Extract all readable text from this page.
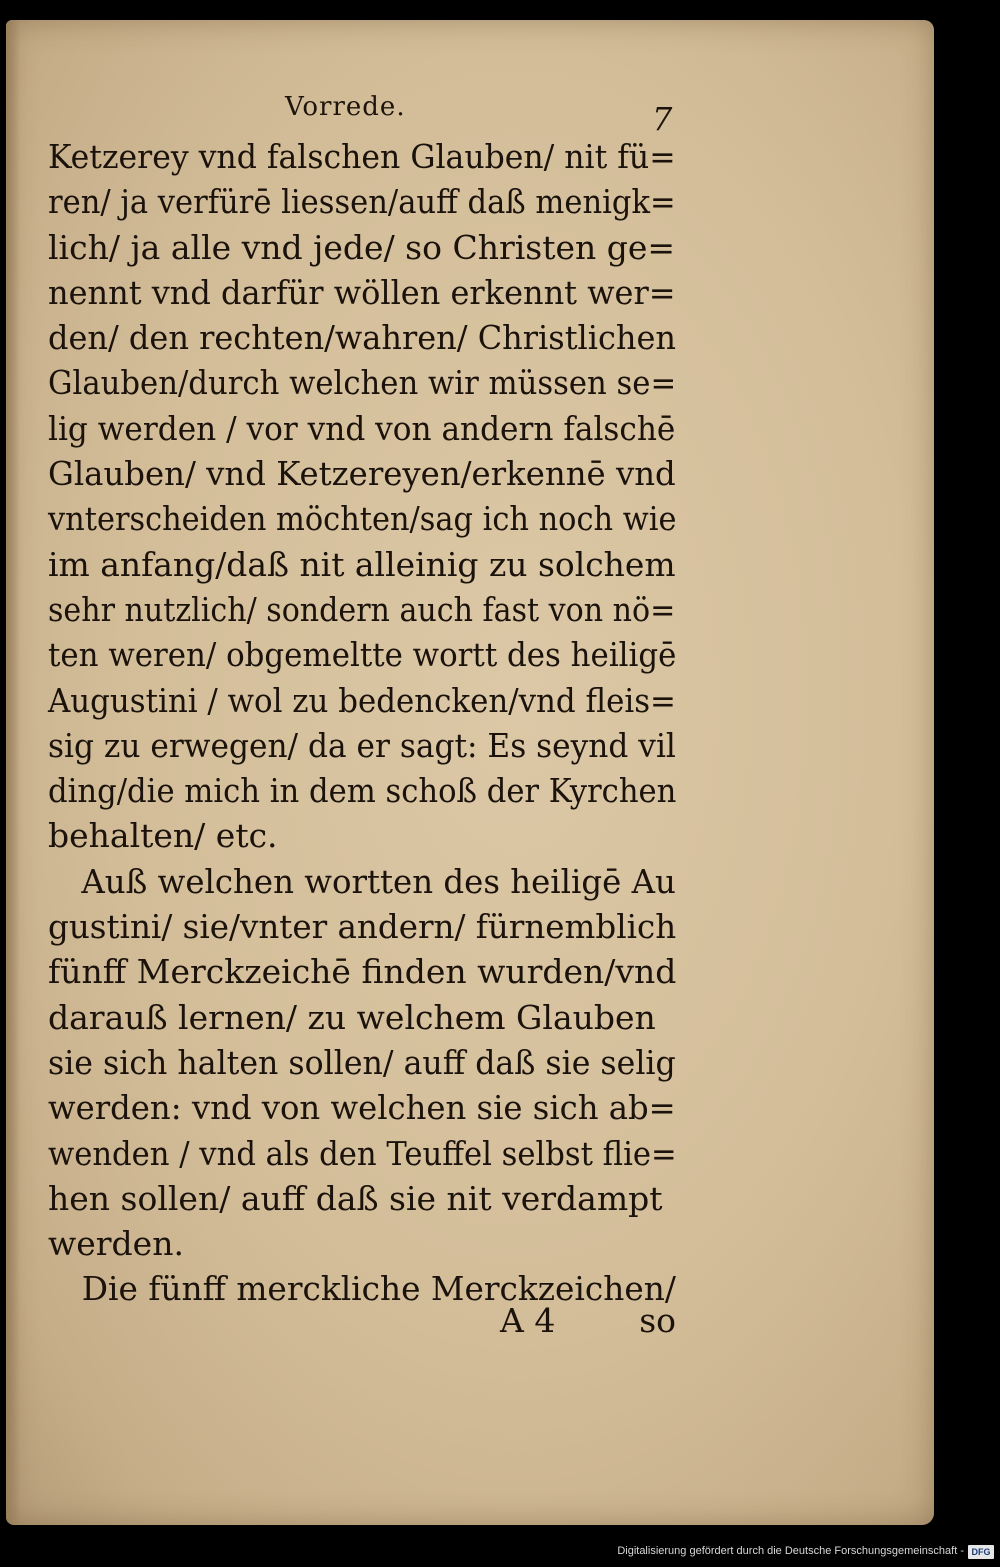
Vorrede.	7
Ketzerey vnd falschen Glauben/ nit fü=
ren/ ja verfürē liessen/auff daß menigk=
lich/ ja alle vnd jede/ so Christen ge=
nennt vnd darfür wöllen erkennt wer=
den/ den rechten/wahren/ Christlichen
Glauben/durch welchen wir müssen se=
lig werden / vor vnd von andern falschē
Glauben/ vnd Ketzereyen/erkennē vnd
vnterscheiden möchten/sag ich noch wie
im anfang/daß nit alleinig zu solchem
sehr nutzlich/ sondern auch fast von nö=
ten weren/ obgemeltte wortt des heiligē
Augustini / wol zu bedencken/vnd fleis=
sig zu erwegen/ da er sagt: Es seynd vil
ding/die mich in dem schoß der Kyrchen
behalten/ etc.
Auß welchen wortten des heiligē Au
gustini/ sie/vnter andern/ fürnemblich
fünff Merckzeichē finden wurden/vnd
darauß lernen/ zu welchem Glauben
sie sich halten sollen/ auff daß sie selig
werden: vnd von welchen sie sich ab=
wenden / vnd als den Teuffel selbst flie=
hen sollen/ auff daß sie nit verdampt
werden.
Die fünff merckliche Merckzeichen/
A 4	so
Digitalisierung gefördert durch die Deutsche Forschungsgemeinschaft - DFG
